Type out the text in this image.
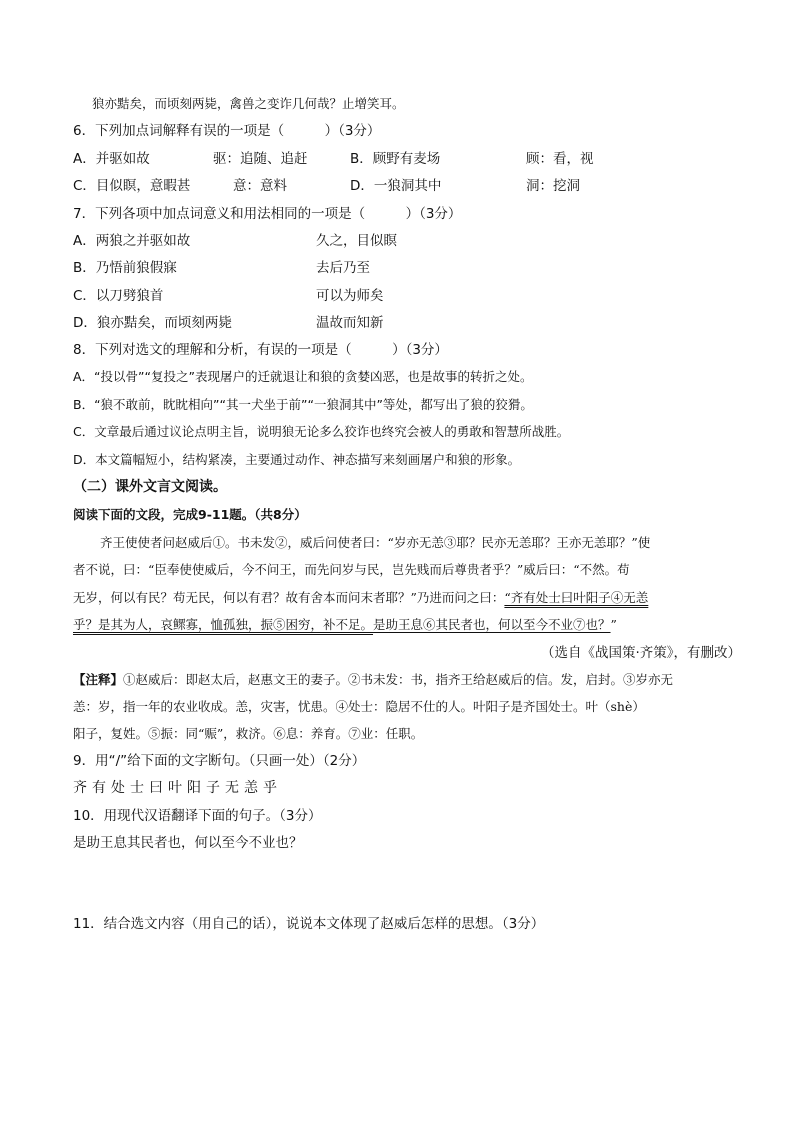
狼亦黠矣，而顷刻两毙，禽兽之变诈几何哉？止增笑耳。
6．下列加点词解释有误的一项是（　　　）（3分）
A．并驱如故	驱：追随、追赶	B．顾野有麦场	顾：看，视
C．目似瞑，意暇甚	意：意料	D．一狼洞其中	洞：挖洞
7．下列各项中加点词意义和用法相同的一项是（　　　）（3分）
A．两狼之并驱如故	久之，目似瞑
B．乃悟前狼假寐	去后乃至
C．以刀劈狼首	可以为师矣
D．狼亦黠矣，而顷刻两毙	温故而知新
8．下列对选文的理解和分析，有误的一项是（　　　）（3分）
A．“投以骨”“复投之”表现屠户的迁就退让和狼的贪婪凶恶，也是故事的转折之处。
B．“狼不敢前，眈眈相向”“其一犬坐于前”“一狼洞其中”等处，都写出了狼的狡猾。
C．文章最后通过议论点明主旨，说明狼无论多么狡诈也终究会被人的勇敢和智慧所战胜。
D．本文篇幅短小，结构紧凑，主要通过动作、神态描写来刻画屠户和狼的形象。
（二）课外文言文阅读。
阅读下面的文段，完成9-11题。（共8分）
齐王使使者问赵威后①。书未发②，威后问使者曰：“岁亦无恙③耶？民亦无恙耶？王亦无恙耶？”使
者不说，曰：“臣奉使使威后，今不问王，而先问岁与民，岂先贱而后尊贵者乎？”威后曰：“不然。苟
无岁，何以有民？苟无民，何以有君？故有舍本而问末者耶？”乃进而问之曰：“齐有处士曰叶阳子④无恙
乎？是其为人，哀鳏寡，恤孤独，振⑤困穷，补不足。是助王息⑥其民者也，何以至今不业⑦也？”
（选自《战国策·齐策》，有删改）
【注释】①赵威后：即赵太后，赵惠文王的妻子。②书未发：书，指齐王给赵威后的信。发，启封。③岁亦无
恙：岁，指一年的农业收成。恙，灾害，忧患。④处士：隐居不仕的人。叶阳子是齐国处士。叶（shè）
阳子，复姓。⑤振：同“赈”，救济。⑥息：养育。⑦业：任职。
9．用“/”给下面的文字断句。（只画一处）（2分）
齐 有 处 士 曰 叶 阳 子 无 恙 乎
10．用现代汉语翻译下面的句子。（3分）
是助王息其民者也，何以至今不业也？
11．结合选文内容（用自己的话），说说本文体现了赵威后怎样的思想。（3分）
